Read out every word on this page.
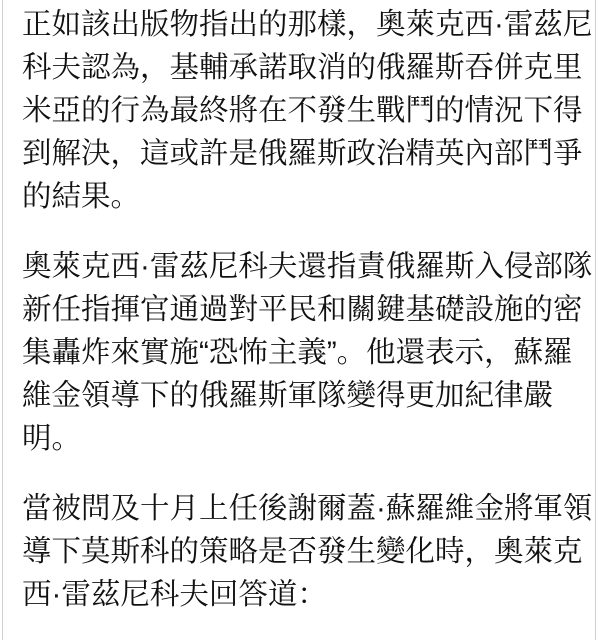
正如該出版物指出的那樣，奧萊克西·雷茲尼
科夫認為，基輔承諾取消的俄羅斯吞併克里
米亞的行為最終將在不發生戰鬥的情況下得
到解決，這或許是俄羅斯政治精英內部鬥爭
的結果。
奧萊克西·雷茲尼科夫還指責俄羅斯入侵部隊
新任指揮官通過對平民和關鍵基礎設施的密
集轟炸來實施“恐怖主義”。他還表示，蘇羅
維金領導下的俄羅斯軍隊變得更加紀律嚴
明。
當被問及十月上任後謝爾蓋·蘇羅維金將軍領
導下莫斯科的策略是否發生變化時，奧萊克
西·雷茲尼科夫回答道：
